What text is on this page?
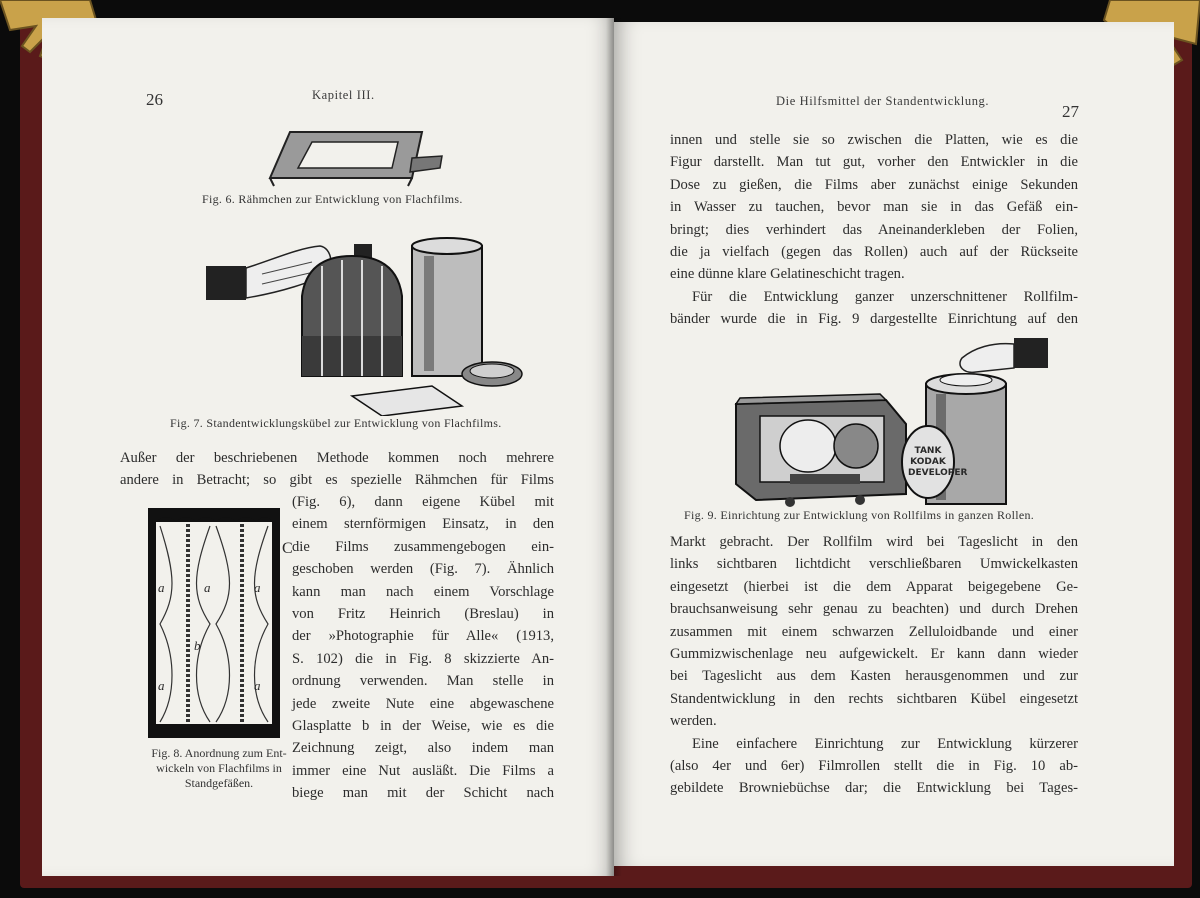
26	Kapitel III.
Fig. 6. Rähmchen zur Entwicklung von Flachfilms.
Fig. 7. Standentwicklungskübel zur Entwicklung von Flachfilms.
Außer der beschriebenen Methode kommen noch mehrere
andere in Betracht; so gibt es spezielle Rähmchen für Films
a	a	a
b
a	a
C
Fig. 8. Anordnung zum Ent-
wickeln von Flachfilms in
Standgefäßen.
(Fig. 6), dann eigene Kübel mit
einem sternförmigen Einsatz, in den
die Films zusammengebogen ein-
geschoben werden (Fig. 7). Ähnlich
kann man nach einem Vorschlage
von Fritz Heinrich (Breslau) in
der »Photographie für Alle« (1913,
S. 102) die in Fig. 8 skizzierte An-
ordnung verwenden. Man stelle in
jede zweite Nute eine abgewaschene
Glasplatte b in der Weise, wie es die
Zeichnung zeigt, also indem man
immer eine Nut ausläßt. Die Films a
biege man mit der Schicht nach
Die Hilfsmittel der Standentwicklung.
27
innen und stelle sie so zwischen die Platten, wie es die
Figur darstellt. Man tut gut, vorher den Entwickler in die
Dose zu gießen, die Films aber zunächst einige Sekunden
in Wasser zu tauchen, bevor man sie in das Gefäß ein-
bringt; dies verhindert das Aneinanderkleben der Folien,
die ja vielfach (gegen das Rollen) auch auf der Rückseite
eine dünne klare Gelatineschicht tragen.
Für die Entwicklung ganzer unzerschnittener Rollfilm-
bänder wurde die in Fig. 9 dargestellte Einrichtung auf den
TANK
KODAK
DEVELOPER
Fig. 9. Einrichtung zur Entwicklung von Rollfilms in ganzen Rollen.
Markt gebracht. Der Rollfilm wird bei Tageslicht in den
links sichtbaren lichtdicht verschließbaren Umwickelkasten
eingesetzt (hierbei ist die dem Apparat beigegebene Ge-
brauchsanweisung sehr genau zu beachten) und durch Drehen
zusammen mit einem schwarzen Zelluloidbande und einer
Gummizwischenlage neu aufgewickelt. Er kann dann wieder
bei Tageslicht aus dem Kasten herausgenommen und zur
Standentwicklung in den rechts sichtbaren Kübel eingesetzt
werden.
Eine einfachere Einrichtung zur Entwicklung kürzerer
(also 4er und 6er) Filmrollen stellt die in Fig. 10 ab-
gebildete Browniebüchse dar; die Entwicklung bei Tages-
